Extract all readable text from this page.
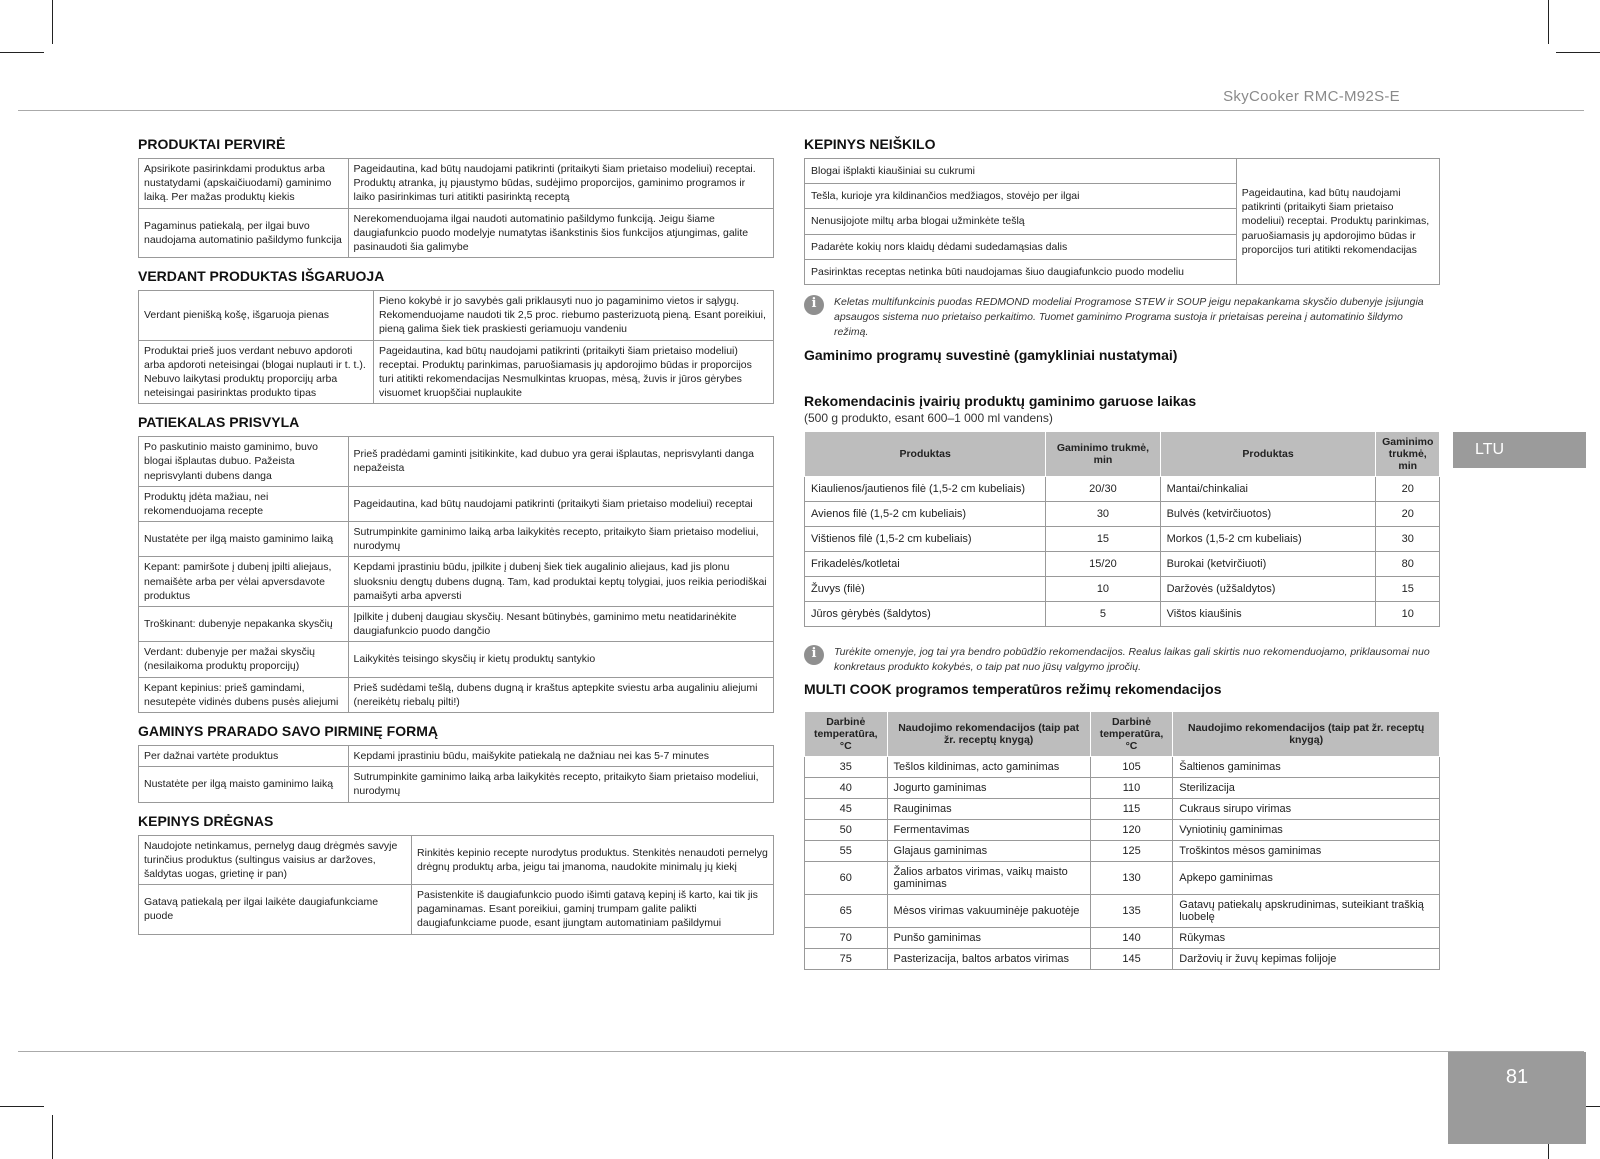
SkyCooker RMC-M92S-E
PRODUKTAI PERVIRĖ
Apsirikote pasirinkdami produktus arba nustatydami (apskaičiuodami) gaminimo laiką. Per mažas produktų kiekis	Pageidautina, kad būtų naudojami patikrinti (pritaikyti šiam prietaiso modeliui) receptai. Produktų atranka, jų pjaustymo būdas, sudėjimo proporcijos, gaminimo programos ir laiko pasirinkimas turi atitikti pasirinktą receptą
Pagaminus patiekalą, per ilgai buvo naudojama automatinio pašildymo funkcija	Nerekomenduojama ilgai naudoti automatinio pašildymo funkciją. Jeigu šiame daugiafunkcio puodo modelyje numatytas išankstinis šios funkcijos atjungimas, galite pasinaudoti šia galimybe
VERDANT PRODUKTAS IŠGARUOJA
Verdant pienišką košę, išgaruoja pienas	Pieno kokybė ir jo savybės gali priklausyti nuo jo pagaminimo vietos ir sąlygų. Rekomenduojame naudoti tik 2,5 proc. riebumo pasterizuotą pieną. Esant poreikiui, pieną galima šiek tiek praskiesti geriamuoju vandeniu
Produktai prieš juos verdant nebuvo apdoroti arba apdoroti neteisingai (blogai nuplauti ir t. t.). Nebuvo laikytasi produktų proporcijų arba neteisingai pasirinktas produkto tipas	Pageidautina, kad būtų naudojami patikrinti (pritaikyti šiam prietaiso modeliui) receptai. Produktų parinkimas, paruošiamasis jų apdorojimo būdas ir proporcijos turi atitikti rekomendacijas Nesmulkintas kruopas, mėsą, žuvis ir jūros gėrybes visuomet kruopščiai nuplaukite
PATIEKALAS PRISVYLA
Po paskutinio maisto gaminimo, buvo blogai išplautas dubuo. Pažeista neprisvylanti dubens danga	Prieš pradėdami gaminti įsitikinkite, kad dubuo yra gerai išplautas, neprisvylanti danga nepažeista
Produktų įdėta mažiau, nei rekomenduojama recepte	Pageidautina, kad būtų naudojami patikrinti (pritaikyti šiam prietaiso modeliui) receptai
Nustatėte per ilgą maisto gaminimo laiką	Sutrumpinkite gaminimo laiką arba laikykitės recepto, pritaikyto šiam prietaiso modeliui, nurodymų
Kepant: pamiršote į dubenį įpilti aliejaus, nemaišėte arba per vėlai apversdavote produktus	Kepdami įprastiniu būdu, įpilkite į dubenį šiek tiek augalinio aliejaus, kad jis plonu sluoksniu dengtų dubens dugną. Tam, kad produktai keptų tolygiai, juos reikia periodiškai pamaišyti arba apversti
Troškinant: dubenyje nepakanka skysčių	Įpilkite į dubenį daugiau skysčių. Nesant būtinybės, gaminimo metu neatidarinėkite daugiafunkcio puodo dangčio
Verdant: dubenyje per mažai skysčių (nesilaikoma produktų proporcijų)	Laikykitės teisingo skysčių ir kietų produktų santykio
Kepant kepinius: prieš gamindami, nesutepėte vidinės dubens pusės aliejumi	Prieš sudėdami tešlą, dubens dugną ir kraštus aptepkite sviestu arba augaliniu aliejumi (nereikėtų riebalų pilti!)
GAMINYS PRARADO SAVO PIRMINĘ FORMĄ
Per dažnai vartėte produktus	Kepdami įprastiniu būdu, maišykite patiekalą ne dažniau nei kas 5-7 minutes
Nustatėte per ilgą maisto gaminimo laiką	Sutrumpinkite gaminimo laiką arba laikykitės recepto, pritaikyto šiam prietaiso modeliui, nurodymų
KEPINYS DRĖGNAS
Naudojote netinkamus, pernelyg daug drėgmės savyje turinčius produktus (sultingus vaisius ar daržoves, šaldytas uogas, grietinę ir pan)	Rinkitės kepinio recepte nurodytus produktus. Stenkitės nenaudoti pernelyg drėgnų produktų arba, jeigu tai įmanoma, naudokite minimalų jų kiekį
Gatavą patiekalą per ilgai laikėte daugiafunkciame puode	Pasistenkite iš daugiafunkcio puodo išimti gatavą kepinį iš karto, kai tik jis pagaminamas. Esant poreikiui, gaminį trumpam galite palikti daugiafunkciame puode, esant įjungtam automatiniam pašildymui
KEPINYS NEIŠKILO
Blogai išplakti kiaušiniai su cukrumi	Pageidautina, kad būtų naudojami patikrinti (pritaikyti šiam prietaiso modeliui) receptai. Produktų parinkimas, paruošiamasis jų apdorojimo būdas ir proporcijos turi atitikti rekomendacijas
Tešla, kurioje yra kildinančios medžiagos, stovėjo per ilgai
Nenusijojote miltų arba blogai užminkėte tešlą
Padarėte kokių nors klaidų dėdami sudedamąsias dalis
Pasirinktas receptas netinka būti naudojamas šiuo daugiafunkcio puodo modeliu
i	Keletas multifunkcinis puodas REDMOND modeliai Programose STEW ir SOUP jeigu nepakankama skysčio dubenyje įsijungia apsaugos sistema nuo prietaiso perkaitimo. Tuomet gaminimo Programa sustoja ir prietaisas pereina į automatinio šildymo režimą.
Gaminimo programų suvestinė (gamykliniai nustatymai)
Rekomendacinis įvairių produktų gaminimo garuose laikas
(500 g produkto, esant 600–1 000 ml vandens)
Produktas	Gaminimo trukmė, min	Produktas	Gaminimo trukmė, min
Kiaulienos/jautienos filė (1,5-2 cm kubeliais)	20/30	Mantai/chinkaliai	20
Avienos filė (1,5-2 cm kubeliais)	30	Bulvės (ketvirčiuotos)	20
Vištienos filė (1,5-2 cm kubeliais)	15	Morkos (1,5-2 cm kubeliais)	30
Frikadelės/kotletai	15/20	Burokai (ketvirčiuoti)	80
Žuvys (filė)	10	Daržovės (užšaldytos)	15
Jūros gėrybės (šaldytos)	5	Vištos kiaušinis	10
i	Turėkite omenyje, jog tai yra bendro pobūdžio rekomendacijos. Realus laikas gali skirtis nuo rekomenduojamo, priklausomai nuo konkretaus produkto kokybės, o taip pat nuo jūsų valgymo įpročių.
MULTI COOK programos temperatūros režimų rekomendacijos
Darbinė temperatūra, °C	Naudojimo rekomendacijos (taip pat žr. receptų knygą)	Darbinė temperatūra, °C	Naudojimo rekomendacijos (taip pat žr. receptų knygą)
35	Tešlos kildinimas, acto gaminimas	105	Šaltienos gaminimas
40	Jogurto gaminimas	110	Sterilizacija
45	Rauginimas	115	Cukraus sirupo virimas
50	Fermentavimas	120	Vyniotinių gaminimas
55	Glajaus gaminimas	125	Troškintos mėsos gaminimas
60	Žalios arbatos virimas, vaikų maisto gaminimas	130	Apkepo gaminimas
65	Mėsos virimas vakuuminėje pakuotėje	135	Gatavų patiekalų apskrudinimas, suteikiant traškią luobelę
70	Punšo gaminimas	140	Rūkymas
75	Pasterizacija, baltos arbatos virimas	145	Daržovių ir žuvų kepimas folijoje
LTU
81
